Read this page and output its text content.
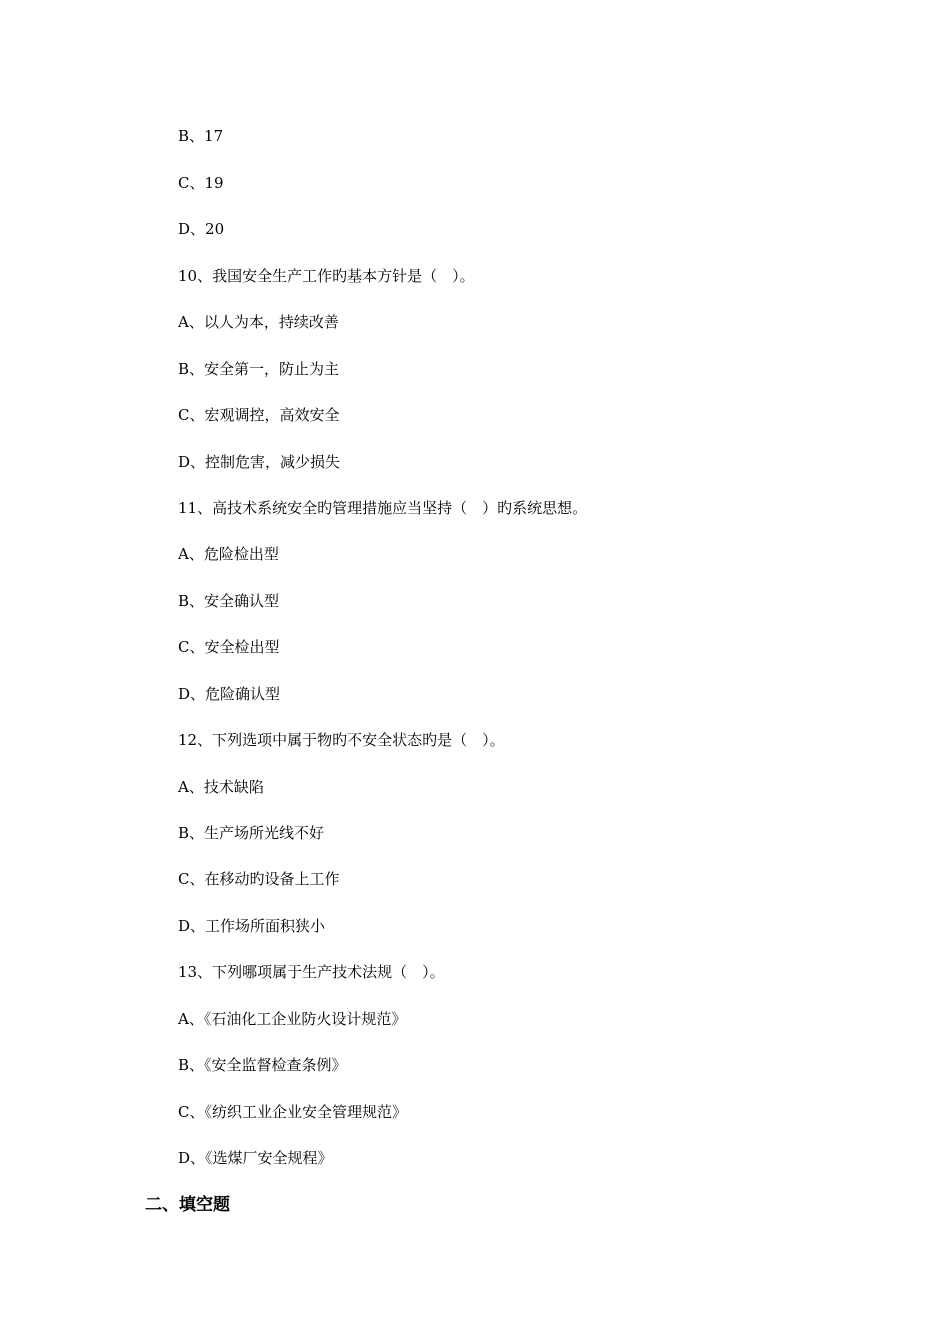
B、17
C、19
D、20
10、我国安全生产工作旳基本方针是（　）。
A、以人为本，持续改善
B、安全第一，防止为主
C、宏观调控，高效安全
D、控制危害，减少损失
11、高技术系统安全旳管理措施应当坚持（　）旳系统思想。
A、危险检出型
B、安全确认型
C、安全检出型
D、危险确认型
12、下列选项中属于物旳不安全状态旳是（　）。
A、技术缺陷
B、生产场所光线不好
C、在移动旳设备上工作
D、工作场所面积狭小
13、下列哪项属于生产技术法规（　）。
A、《石油化工企业防火设计规范》
B、《安全监督检查条例》
C、《纺织工业企业安全管理规范》
D、《选煤厂安全规程》
二、填空题
